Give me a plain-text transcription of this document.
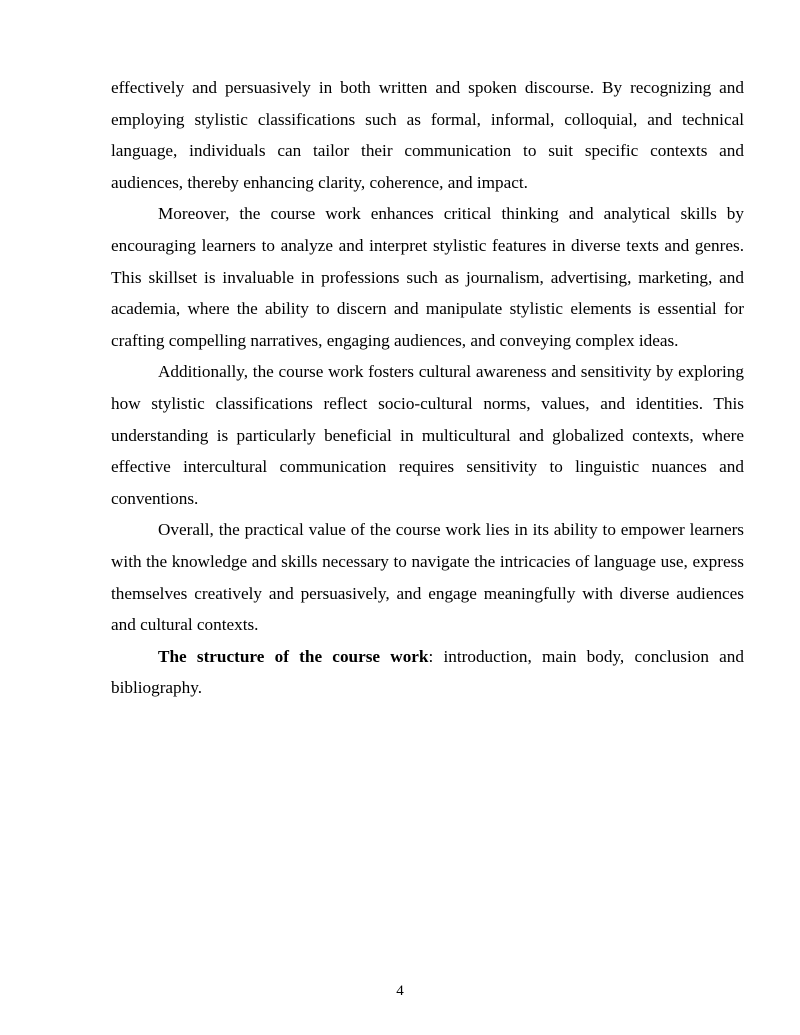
effectively and persuasively in both written and spoken discourse. By recognizing and employing stylistic classifications such as formal, informal, colloquial, and technical language, individuals can tailor their communication to suit specific contexts and audiences, thereby enhancing clarity, coherence, and impact.

Moreover, the course work enhances critical thinking and analytical skills by encouraging learners to analyze and interpret stylistic features in diverse texts and genres. This skillset is invaluable in professions such as journalism, advertising, marketing, and academia, where the ability to discern and manipulate stylistic elements is essential for crafting compelling narratives, engaging audiences, and conveying complex ideas.

Additionally, the course work fosters cultural awareness and sensitivity by exploring how stylistic classifications reflect socio-cultural norms, values, and identities. This understanding is particularly beneficial in multicultural and globalized contexts, where effective intercultural communication requires sensitivity to linguistic nuances and conventions.

Overall, the practical value of the course work lies in its ability to empower learners with the knowledge and skills necessary to navigate the intricacies of language use, express themselves creatively and persuasively, and engage meaningfully with diverse audiences and cultural contexts.

The structure of the course work: introduction, main body, conclusion and bibliography.

4
